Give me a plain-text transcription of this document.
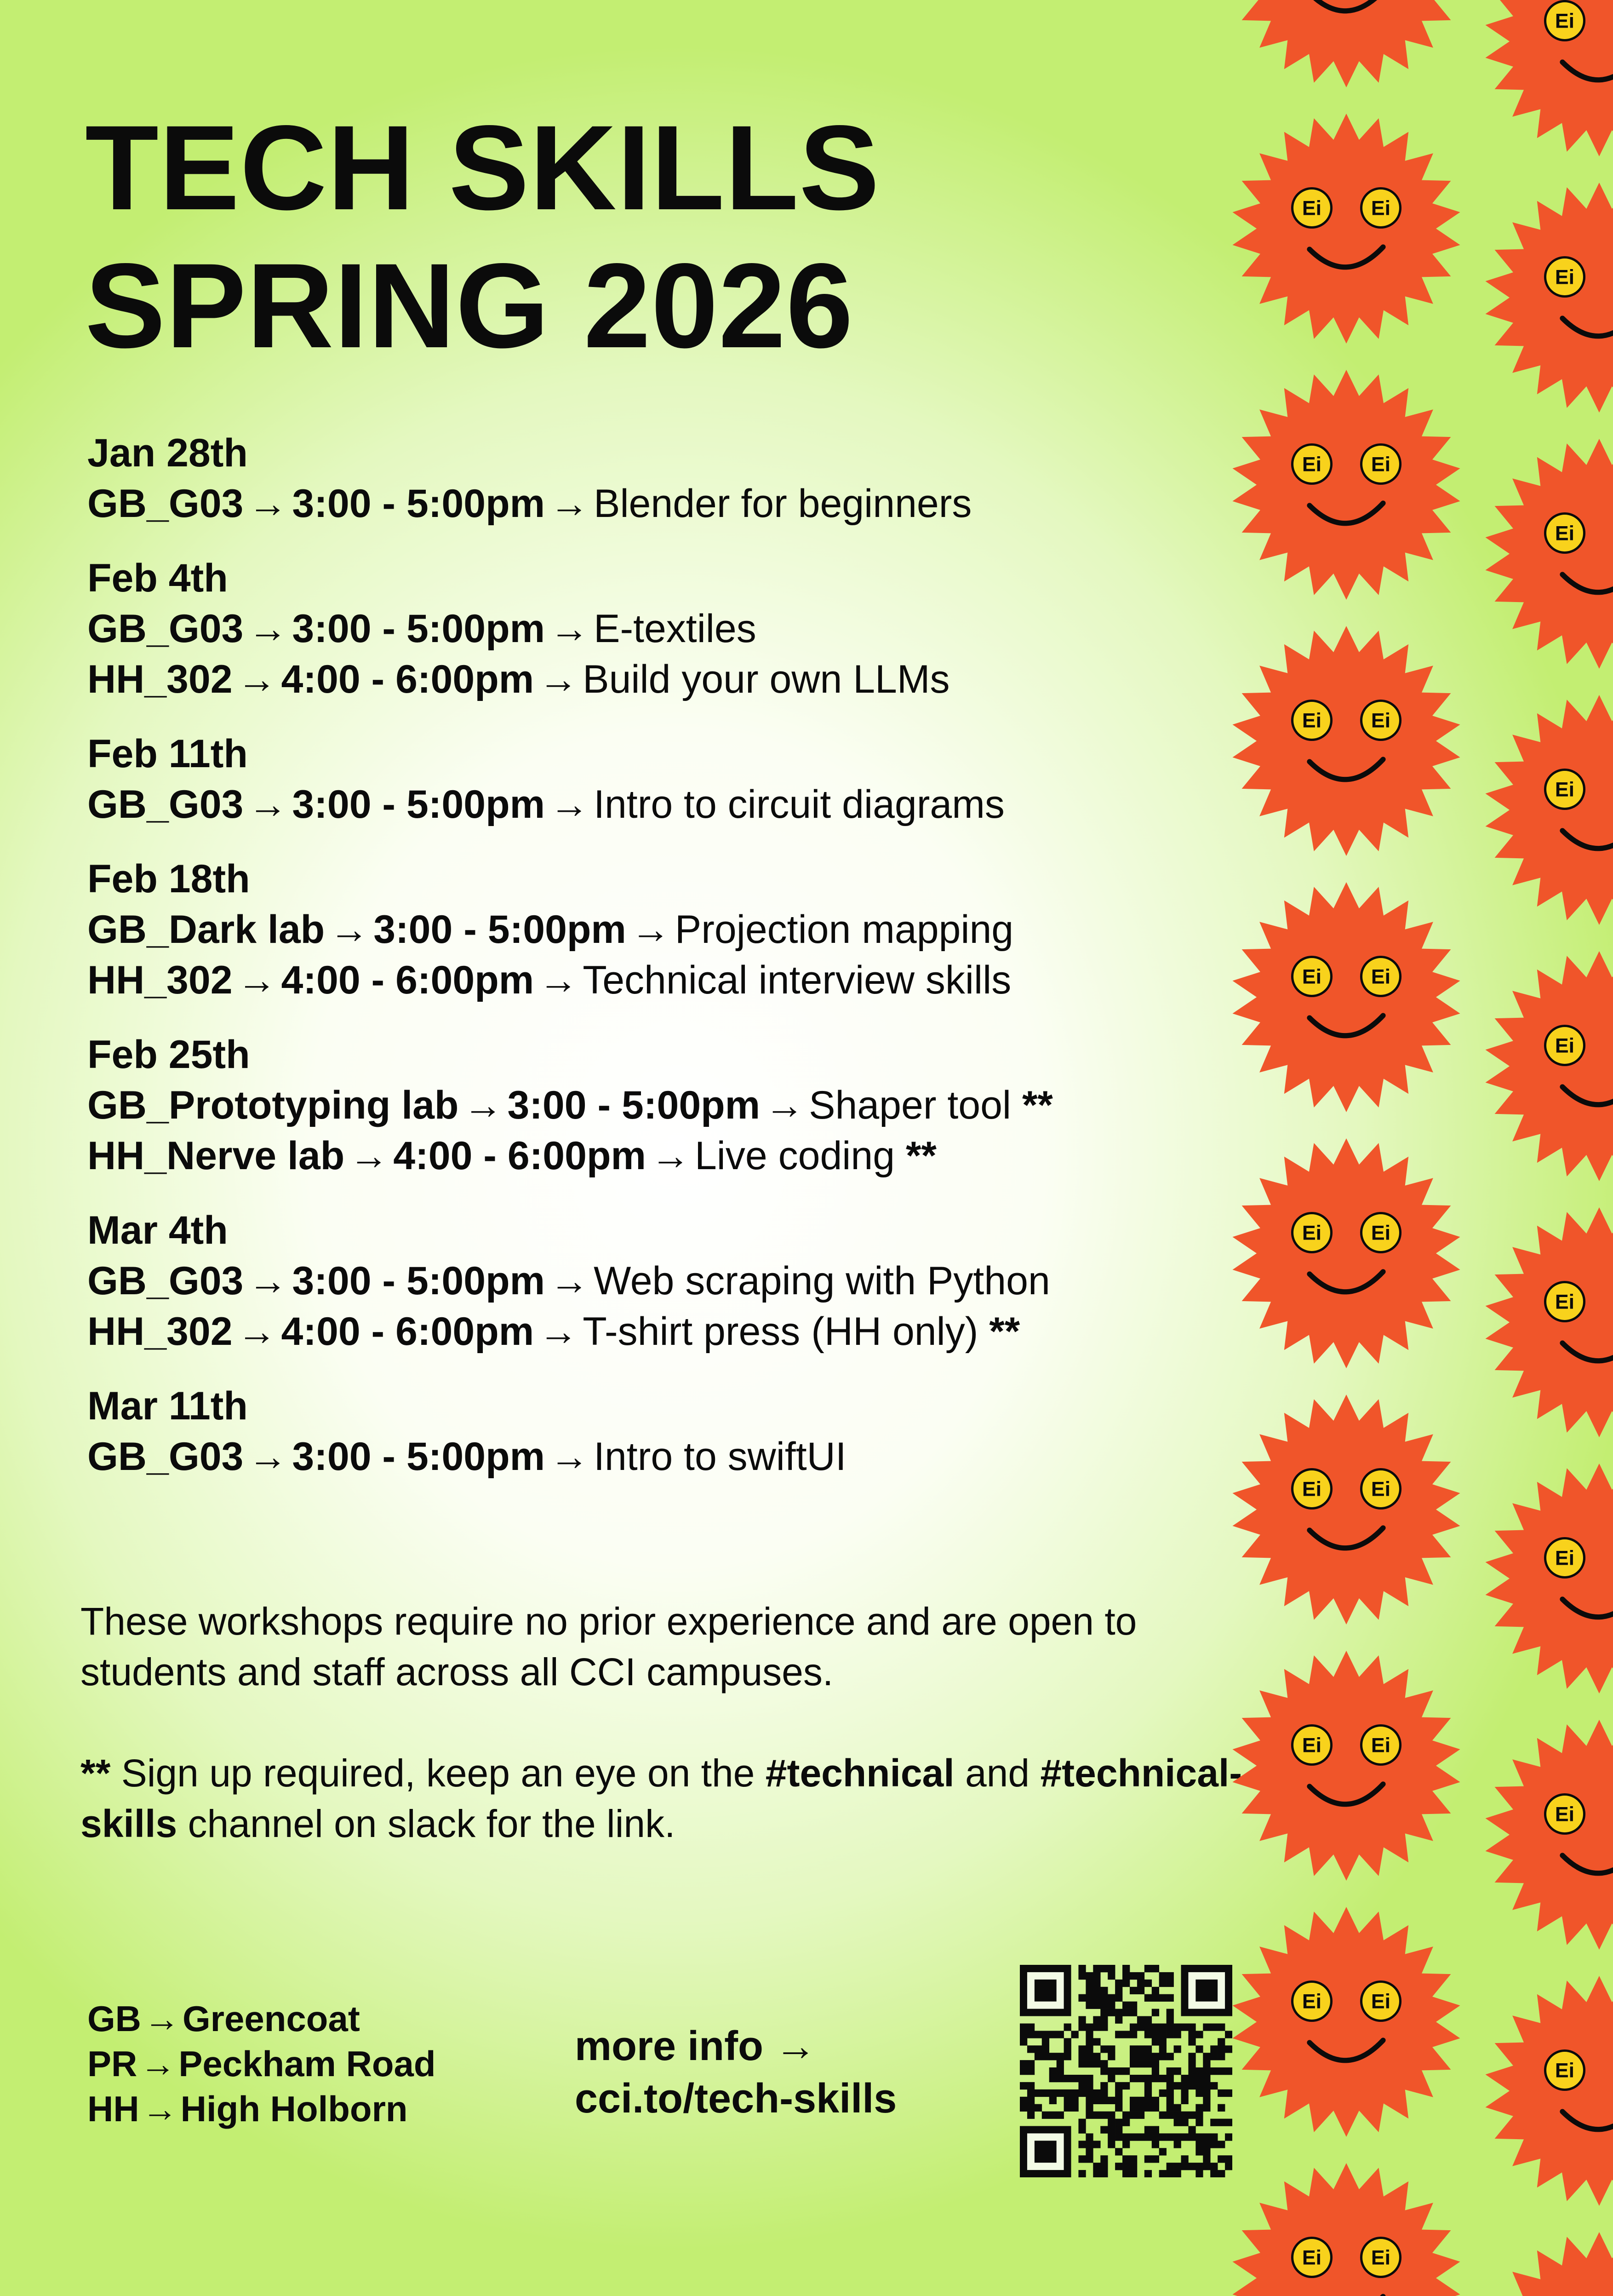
TECH SKILLS
SPRING 2026
Jan 28th
GB_G03 → 3:00 - 5:00pm → Blender for beginners
Feb 4th
GB_G03 → 3:00 - 5:00pm → E-textiles
HH_302 → 4:00 - 6:00pm → Build your own LLMs
Feb 11th
GB_G03 → 3:00 - 5:00pm → Intro to circuit diagrams
Feb 18th
GB_Dark lab → 3:00 - 5:00pm → Projection mapping
HH_302 → 4:00 - 6:00pm → Technical interview skills
Feb 25th
GB_Prototyping lab → 3:00 - 5:00pm → Shaper tool **
HH_Nerve lab → 4:00 - 6:00pm → Live coding **
Mar 4th
GB_G03 → 3:00 - 5:00pm → Web scraping with Python
HH_302 → 4:00 - 6:00pm → T-shirt press (HH only) **
Mar 11th
GB_G03 → 3:00 - 5:00pm → Intro to swiftUI

These workshops require no prior experience and are open to students and staff across all CCI campuses.

** Sign up required, keep an eye on the #technical and #technical-skills channel on slack for the link.

GB→Greencoat
PR→Peckham Road
HH→High Holborn
more info →
cci.to/tech-skills
Ei Ei
Ei Ei
Ei Ei
Ei Ei
Ei Ei
Ei Ei
Ei Ei
Ei Ei
Ei Ei
Ei
Ei
Ei
Ei
Ei
Ei
Ei
Ei
Ei
